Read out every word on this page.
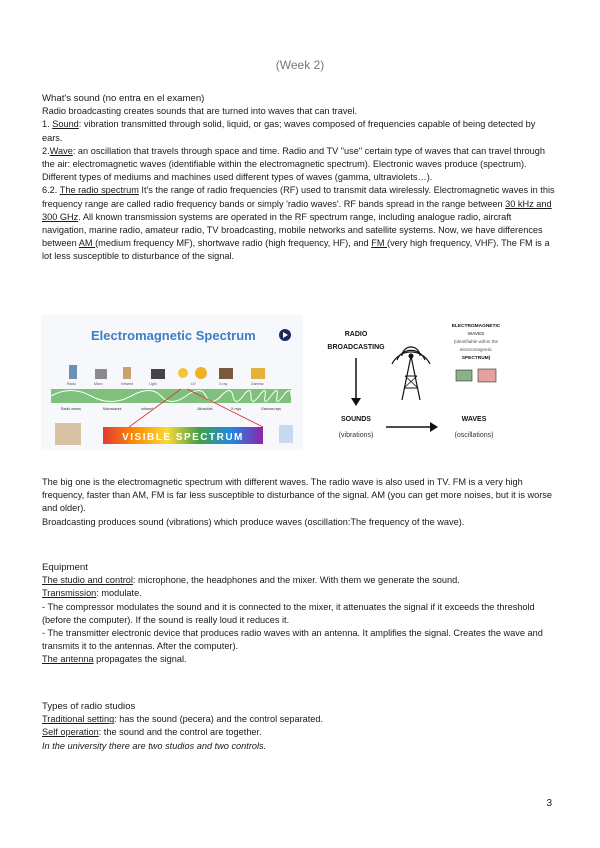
(Week 2)

What's sound (no entra en el examen)

Radio broadcasting creates sounds that are turned into waves that can travel.

1. Sound: vibration transmitted through solid, liquid, or gas; waves composed of frequencies capable of being detected by ears.

2.Wave: an oscillation that travels through space and time. Radio and TV "use" certain type of waves that can travel through the air: electromagnetic waves (identifiable within the electromagnetic spectrum). Electronic waves produce (spectrum). Different types of mediums and machines used different types of waves (gamma, ultraviolets…).

6.2. The radio spectrum It's the range of radio frequencies (RF) used to transmit data wirelessly. Electromagnetic waves in this frequency range are called radio frequency bands or simply 'radio waves'. RF bands spread in the range between 30 kHz and 300 GHz. All known transmission systems are operated in the RF spectrum range, including analogue radio, aircraft navigation, marine radio, amateur radio, TV broadcasting, mobile networks and satellite systems. Now, we have differences between AM (medium frequency MF), shortwave radio (high frequency, HF), and FM (very high frequency, VHF). The FM is a lot less susceptible to disturbance of the signal.

Electromagnetic Spectrum
Radio	Micro	Infrared	Light	UV	X-ray	Gamma
Radio waves	Microwaves	Infrared	Ultraviolet	X-rays	Gamma rays
VISIBLE SPECTRUM
RADIO
BROADCASTING
ELECTROMAGNETIC
WAVES
(identifiable within the
electromagnetic
SPECTRUM)
SOUNDS
(vibrations)
WAVES
(oscillations)

The big one is the electromagnetic spectrum with different waves. The radio wave is also used in TV. FM is a very high frequency, faster than AM, FM is far less susceptible to disturbance of the signal. AM (you can get more noises, but it is worse and older).

Broadcasting produces sound (vibrations) which produce waves (oscillation:The frequency of the wave).

Equipment

The studio and control: microphone, the headphones and the mixer. With them we generate the sound.

Transmission: modulate.

- The compressor modulates the sound and it is connected to the mixer, it attenuates the signal if it exceeds the threshold (before the computer). If the sound is really loud it reduces it.

- The transmitter electronic device that produces radio waves with an antenna. It amplifies the signal. Creates the wave and transmits it to the antennas. After the computer).

The antenna propagates the signal.

Types of radio studios

Traditional setting: has the sound (pecera) and the control separated.

Self operation: the sound and the control are together.

In the university there are two studios and two controls.

3
